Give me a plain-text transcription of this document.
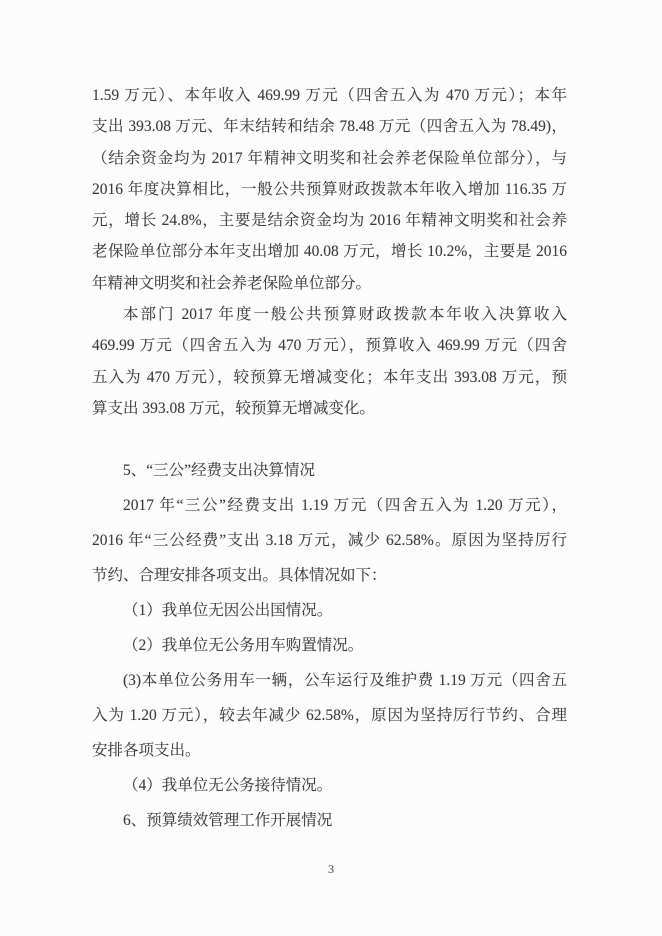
1.59 万元）、本年收入 469.99 万元（四舍五入为 470 万元）；本年
支出 393.08 万元、年末结转和结余 78.48 万元（四舍五入为 78.49)，
（结余资金均为 2017 年精神文明奖和社会养老保险单位部分），与
2016 年度决算相比，一般公共预算财政拨款本年收入增加 116.35 万
元，增长 24.8%，主要是结余资金均为 2016 年精神文明奖和社会养
老保险单位部分本年支出增加 40.08 万元，增长 10.2%，主要是 2016
年精神文明奖和社会养老保险单位部分。
本部门 2017 年度一般公共预算财政拨款本年收入决算收入
469.99 万元（四舍五入为 470 万元），预算收入 469.99 万元（四舍
五入为 470 万元），较预算无增减变化；本年支出 393.08 万元，预
算支出 393.08 万元，较预算无增减变化。
5、“三公”经费支出决算情况
2017 年“三公”经费支出 1.19 万元（四舍五入为 1.20 万元），
2016 年“三公经费”支出 3.18 万元，减少 62.58%。原因为坚持厉行
节约、合理安排各项支出。具体情况如下：
（1）我单位无因公出国情况。
（2）我单位无公务用车购置情况。
(3)本单位公务用车一辆，公车运行及维护费 1.19 万元（四舍五
入为 1.20 万元），较去年减少 62.58%，原因为坚持厉行节约、合理
安排各项支出。
（4）我单位无公务接待情况。
6、预算绩效管理工作开展情况
3
